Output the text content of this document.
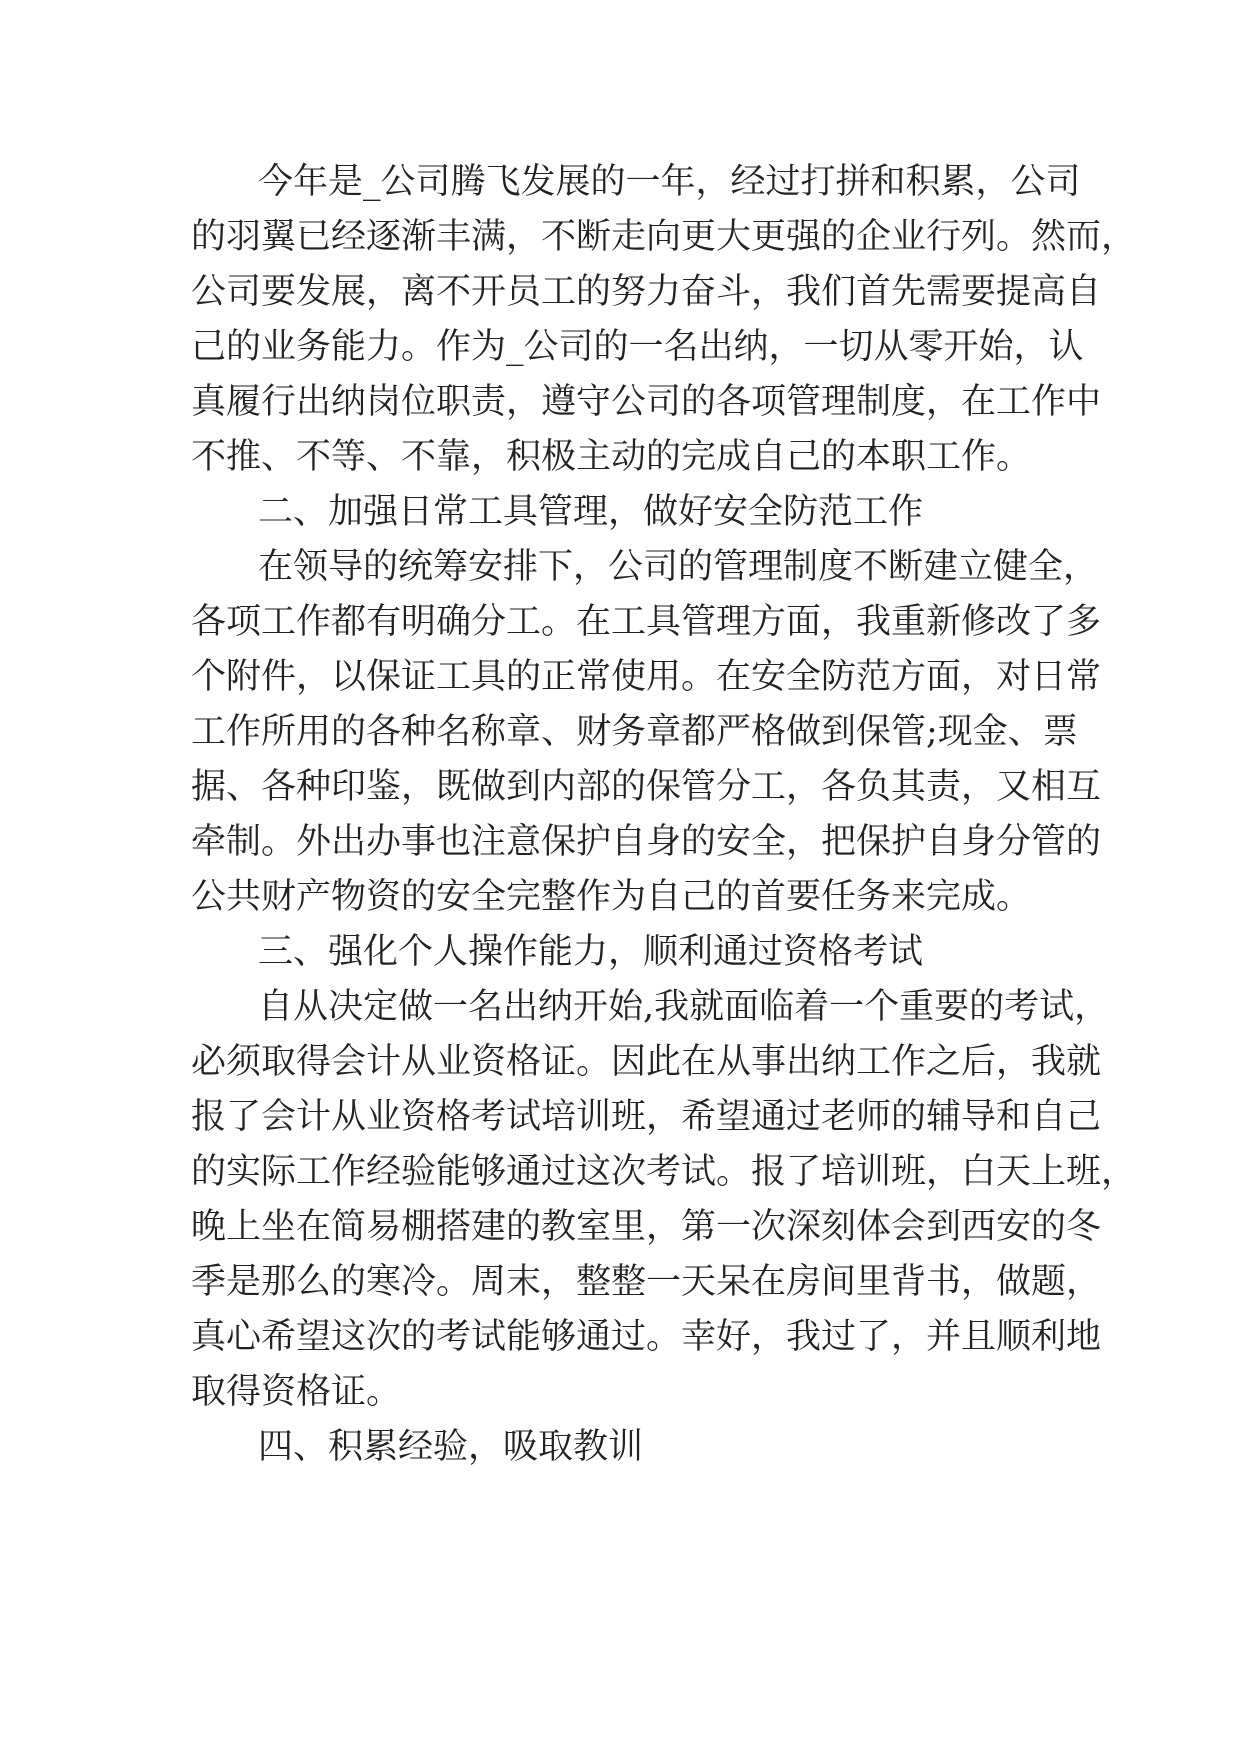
今年是_公司腾飞发展的一年，经过打拼和积累，公司

的羽翼已经逐渐丰满，不断走向更大更强的企业行列。然而，

公司要发展，离不开员工的努力奋斗，我们首先需要提高自

己的业务能力。作为_公司的一名出纳，一切从零开始，认

真履行出纳岗位职责，遵守公司的各项管理制度，在工作中

不推、不等、不靠，积极主动的完成自己的本职工作。

二、加强日常工具管理，做好安全防范工作

在领导的统筹安排下，公司的管理制度不断建立健全，

各项工作都有明确分工。在工具管理方面，我重新修改了多

个附件，以保证工具的正常使用。在安全防范方面，对日常

工作所用的各种名称章、财务章都严格做到保管;现金、票

据、各种印鉴，既做到内部的保管分工，各负其责，又相互

牵制。外出办事也注意保护自身的安全，把保护自身分管的

公共财产物资的安全完整作为自己的首要任务来完成。

三、强化个人操作能力，顺利通过资格考试

自从决定做一名出纳开始,我就面临着一个重要的考试，

必须取得会计从业资格证。因此在从事出纳工作之后，我就

报了会计从业资格考试培训班，希望通过老师的辅导和自己

的实际工作经验能够通过这次考试。报了培训班，白天上班，

晚上坐在简易棚搭建的教室里，第一次深刻体会到西安的冬

季是那么的寒冷。周末，整整一天呆在房间里背书，做题，

真心希望这次的考试能够通过。幸好，我过了，并且顺利地

取得资格证。

四、积累经验，吸取教训
